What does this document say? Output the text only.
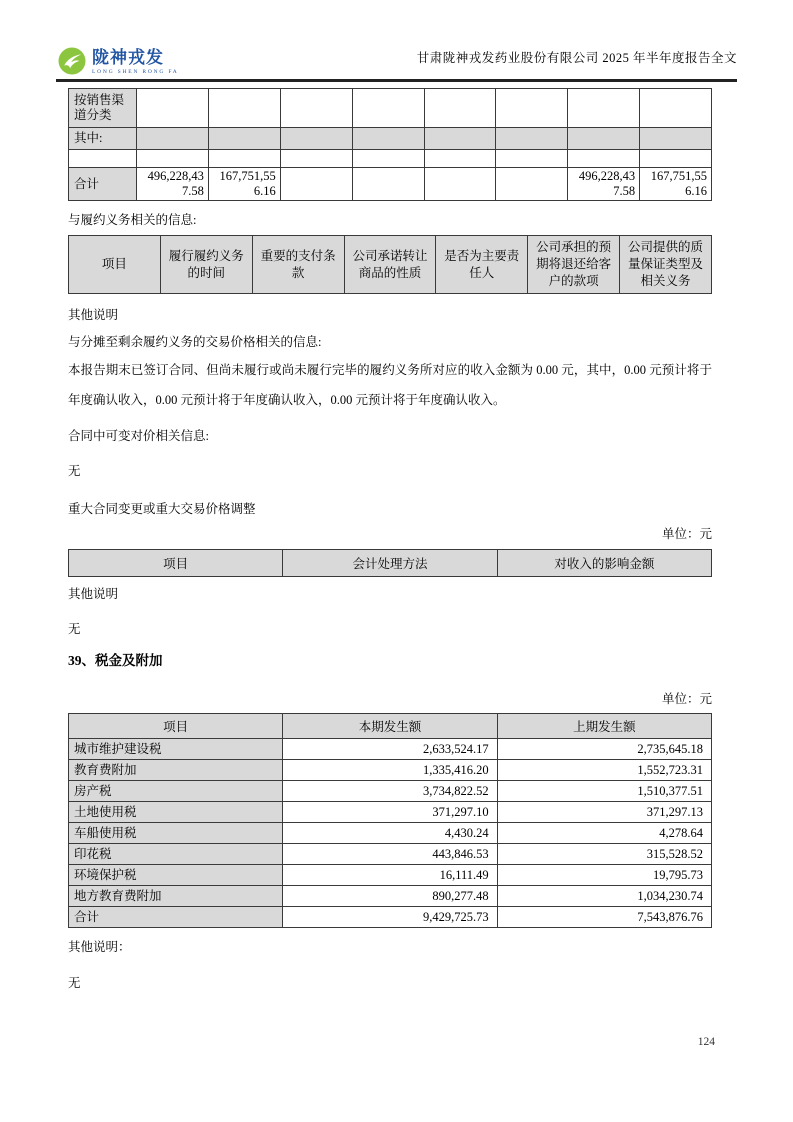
陇神戎发
LONG SHEN RONG FA
甘肃陇神戎发药业股份有限公司 2025 年半年度报告全文
按销售渠道分类								
其中:								

合计	496,228,437.58	167,751,556.16					496,228,437.58	167,751,556.16

与履约义务相关的信息:

项目	履行履约义务的时间	重要的支付条款	公司承诺转让商品的性质	是否为主要责任人	公司承担的预期将退还给客户的款项	公司提供的质量保证类型及相关义务

其他说明

与分摊至剩余履约义务的交易价格相关的信息:

本报告期末已签订合同、但尚未履行或尚未履行完毕的履约义务所对应的收入金额为 0.00 元，其中，0.00 元预计将于年度确认收入，0.00 元预计将于年度确认收入，0.00 元预计将于年度确认收入。

合同中可变对价相关信息:

无

重大合同变更或重大交易价格调整

单位：元

项目	会计处理方法	对收入的影响金额

其他说明

无

39、税金及附加

单位：元

项目	本期发生额	上期发生额
城市维护建设税	2,633,524.17	2,735,645.18
教育费附加	1,335,416.20	1,552,723.31
房产税	3,734,822.52	1,510,377.51
土地使用税	371,297.10	371,297.13
车船使用税	4,430.24	4,278.64
印花税	443,846.53	315,528.52
环境保护税	16,111.49	19,795.73
地方教育费附加	890,277.48	1,034,230.74
合计	9,429,725.73	7,543,876.76

其他说明：

无

124
